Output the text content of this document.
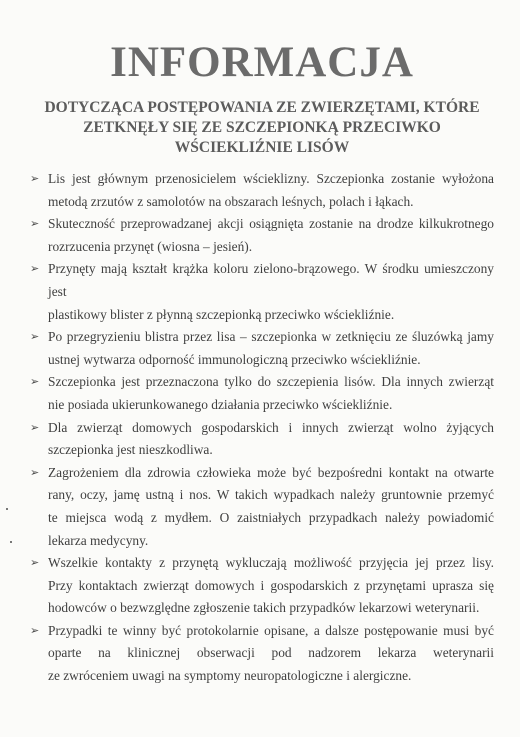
INFORMACJA
DOTYCZĄCA POSTĘPOWANIA ZE ZWIERZĘTAMI, KTÓRE
ZETKNĘŁY SIĘ ZE SZCZEPIONKĄ PRZECIWKO
WŚCIEKLIŹNIE LISÓW
➢ Lis jest głównym przenosicielem wścieklizny. Szczepionka zostanie wyłożona
metodą zrzutów z samolotów na obszarach leśnych, polach i łąkach.
➢ Skuteczność przeprowadzanej akcji osiągnięta zostanie na drodze kilkukrotnego
rozrzucenia przynęt (wiosna – jesień).
➢ Przynęty mają kształt krążka koloru zielono-brązowego. W środku umieszczony jest
plastikowy blister z płynną szczepionką przeciwko wściekliźnie.
➢ Po przegryzieniu blistra przez lisa – szczepionka w zetknięciu ze śluzówką jamy
ustnej wytwarza odporność immunologiczną przeciwko wściekliźnie.
➢ Szczepionka jest przeznaczona tylko do szczepienia lisów. Dla innych zwierząt
nie posiada ukierunkowanego działania przeciwko wściekliźnie.
➢ Dla zwierząt domowych gospodarskich i innych zwierząt wolno żyjących
szczepionka jest nieszkodliwa.
➢ Zagrożeniem dla zdrowia człowieka może być bezpośredni kontakt na otwarte
rany, oczy, jamę ustną i nos. W takich wypadkach należy gruntownie przemyć
te miejsca wodą z mydłem. O zaistniałych przypadkach należy powiadomić
lekarza medycyny.
➢ Wszelkie kontakty z przynętą wykluczają możliwość przyjęcia jej przez lisy.
Przy kontaktach zwierząt domowych i gospodarskich z przynętami uprasza się
hodowców o bezwzględne zgłoszenie takich przypadków lekarzowi weterynarii.
➢ Przypadki te winny być protokolarnie opisane, a dalsze postępowanie musi być
oparte na klinicznej obserwacji pod nadzorem lekarza weterynarii
ze zwróceniem uwagi na symptomy neuropatologiczne i alergiczne.
